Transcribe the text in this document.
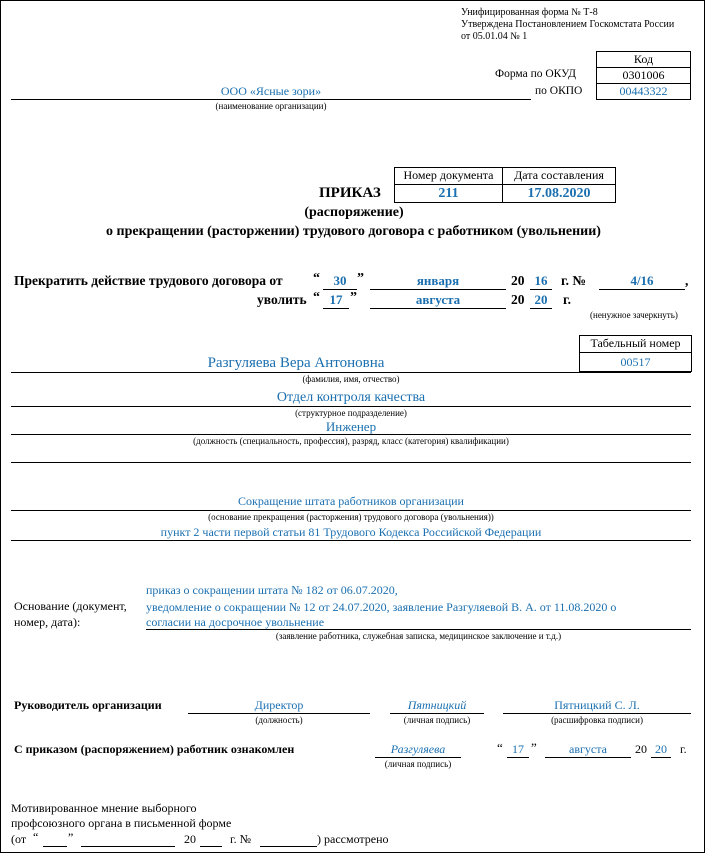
Унифицированная форма № Т-8
Утверждена Постановлением Госкомстата России
от 05.01.04 № 1
Код
0301006
00443322
Форма по ОКУД
по ОКПО
ООО «Ясные зори»
(наименование организации)
Номер документа	Дата составления
211	17.08.2020
ПРИКАЗ
(распоряжение)
о прекращении (расторжении) трудового договора с работником (увольнении)
Прекратить действие трудового договора от “	30 ”	января	20 16	г. №	4/16	,
уволить “ 17 ”	августа	20 20	г.
(ненужное зачеркнуть)
Табельный номер
00517
Разгуляева Вера Антоновна
(фамилия, имя, отчество)
Отдел контроля качества
(структурное подразделение)
Инженер
(должность (специальность, профессия), разряд, класс (категория) квалификации)
Сокращение штата работников организации
(основание прекращения (расторжения) трудового договора (увольнения))
пункт 2 части первой статьи 81 Трудового Кодекса Российской Федерации
Основание (документ,
номер, дата):
приказ о сокращении штата № 182 от 06.07.2020,
уведомление о сокращении № 12 от 24.07.2020, заявление Разгуляевой В. А. от 11.08.2020 о
согласии на досрочное увольнение
(заявление работника, служебная записка, медицинское заключение и т.д.)
Руководитель организации	Директор
(должность)
Пятницкий
(личная подпись)
Пятницкий С. Л.
(расшифровка подписи)
С приказом (распоряжением) работник ознакомлен	Разгуляева
(личная подпись)
“ 17 ”	августа	20 20	г.
Мотивированное мнение выборного
профсоюзного органа в письменной форме
(от “ ”	20	г. №	) рассмотрено
